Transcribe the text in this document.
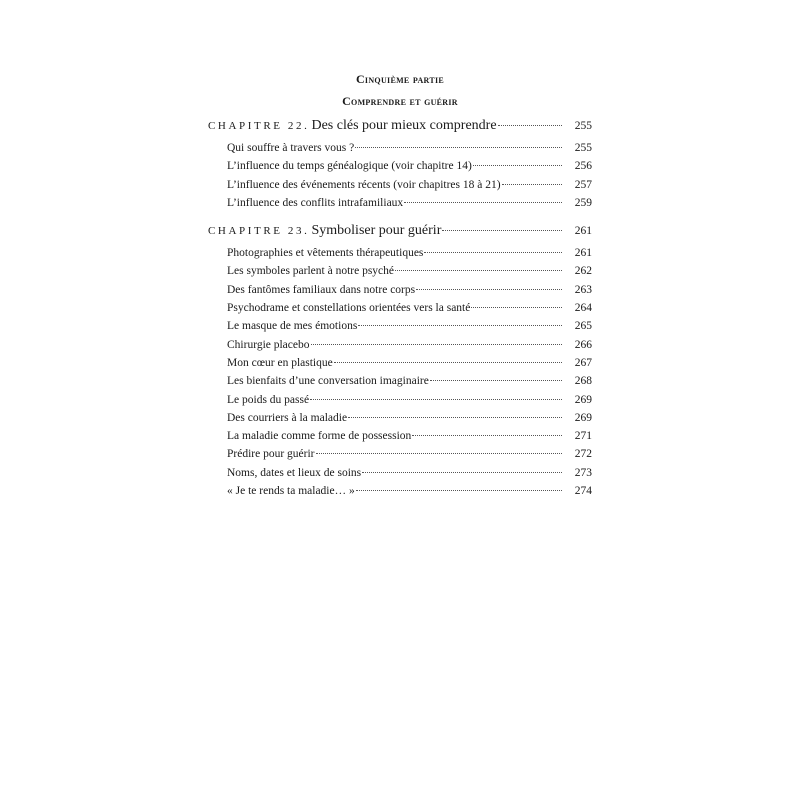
Cinquième partie
Comprendre et guérir
CHAPITRE 22. Des clés pour mieux comprendre	255
Qui souffre à travers vous ?	255
L’influence du temps généalogique (voir chapitre 14)	256
L’influence des événements récents (voir chapitres 18 à 21)	257
L’influence des conflits intrafamiliaux	259
CHAPITRE 23. Symboliser pour guérir	261
Photographies et vêtements thérapeutiques	261
Les symboles parlent à notre psyché	262
Des fantômes familiaux dans notre corps	263
Psychodrame et constellations orientées vers la santé	264
Le masque de mes émotions	265
Chirurgie placebo	266
Mon cœur en plastique	267
Les bienfaits d’une conversation imaginaire	268
Le poids du passé	269
Des courriers à la maladie	269
La maladie comme forme de possession	271
Prédire pour guérir	272
Noms, dates et lieux de soins	273
« Je te rends ta maladie… »	274
